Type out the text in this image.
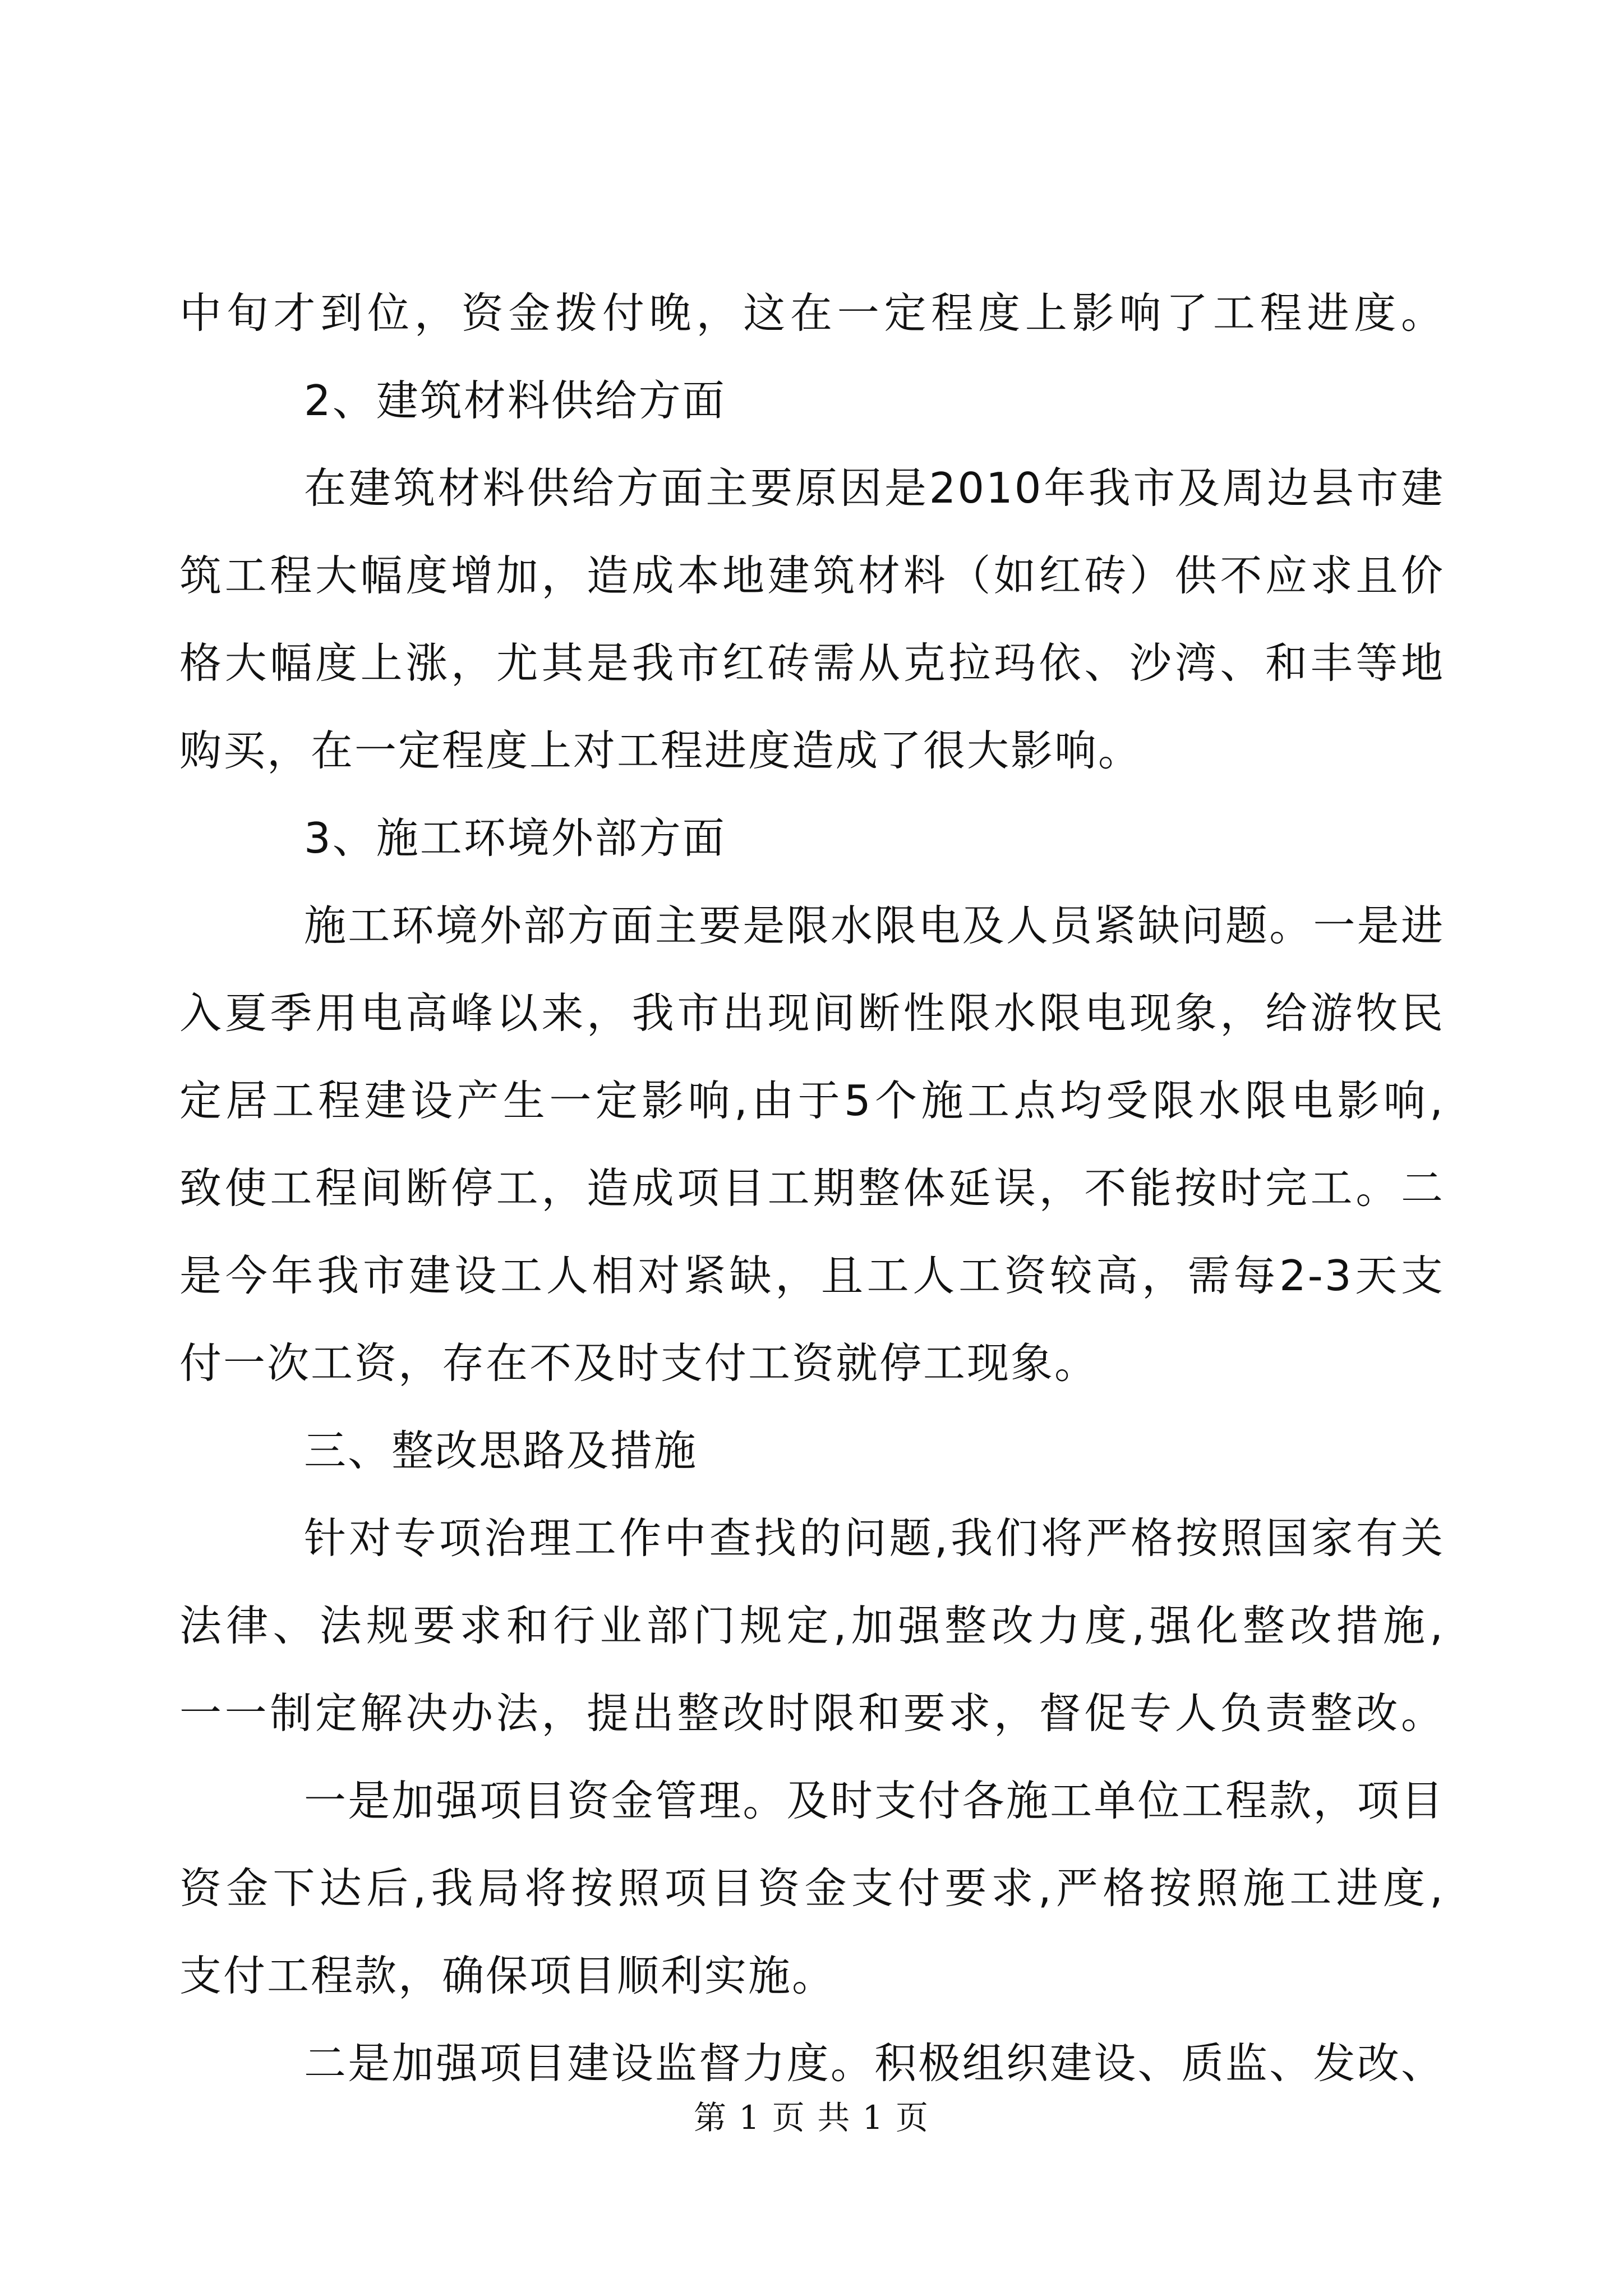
中旬才到位，资金拨付晚，这在一定程度上影响了工程进度。
2、建筑材料供给方面
在建筑材料供给方面主要原因是2010年我市及周边县市建
筑工程大幅度增加，造成本地建筑材料（如红砖）供不应求且价
格大幅度上涨，尤其是我市红砖需从克拉玛依、沙湾、和丰等地
购买，在一定程度上对工程进度造成了很大影响。
3、施工环境外部方面
施工环境外部方面主要是限水限电及人员紧缺问题。一是进
入夏季用电高峰以来，我市出现间断性限水限电现象，给游牧民
定居工程建设产生一定影响,由于5个施工点均受限水限电影响,
致使工程间断停工，造成项目工期整体延误，不能按时完工。二
是今年我市建设工人相对紧缺，且工人工资较高，需每2-3天支
付一次工资，存在不及时支付工资就停工现象。
三、整改思路及措施
针对专项治理工作中查找的问题,我们将严格按照国家有关
法律、法规要求和行业部门规定,加强整改力度,强化整改措施,
一一制定解决办法，提出整改时限和要求，督促专人负责整改。
一是加强项目资金管理。及时支付各施工单位工程款，项目
资金下达后,我局将按照项目资金支付要求,严格按照施工进度,
支付工程款，确保项目顺利实施。
二是加强项目建设监督力度。积极组织建设、质监、发改、
第 1 页 共 1 页
